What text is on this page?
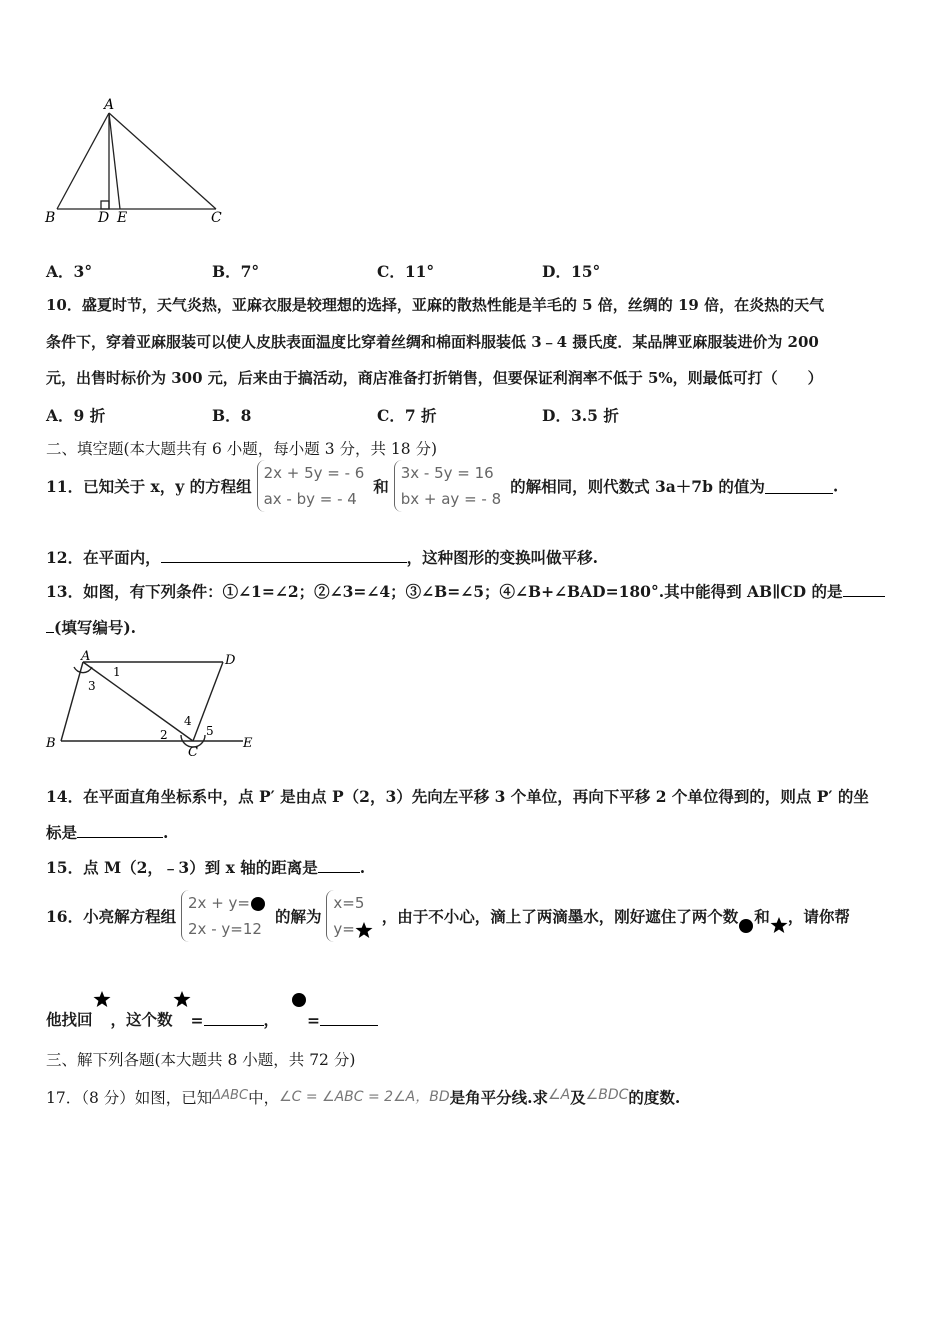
A
B	D E	C
A．3°	B．7°	C．11°	D．15°
10．盛夏时节，天气炎热，亚麻衣服是较理想的选择，亚麻的散热性能是羊毛的 5 倍，丝绸的 19 倍，在炎热的天气
条件下，穿着亚麻服装可以使人皮肤表面温度比穿着丝绸和棉面料服装低 3﹣4 摄氏度．某品牌亚麻服装进价为 200
元，出售时标价为 300 元，后来由于搞活动，商店准备打折销售，但要保证利润率不低于 5%，则最低可打（　　）
A．9 折	B．8	C．7 折	D．3.5 折
二、填空题(本大题共有 6 小题，每小题 3 分，共 18 分)
11．已知关于 x，y 的方程组
2x + 5y = - 6
ax - by = - 4
和
3x - 5y = 16
bx + ay = - 8
的解相同，则代数式 3a＋7b 的值为	.
12．在平面内，	，这种图形的变换叫做平移.
13．如图，有下列条件：①∠1=∠2；②∠3=∠4；③∠B=∠5；④∠B+∠BAD=180°.其中能得到 AB∥CD 的是
(填写编号).
A	D
B
C
E
1
2
3
4
5
14．在平面直角坐标系中，点 P′ 是由点 P（2，3）先向左平移 3 个单位，再向下平移 2 个单位得到的，则点 P′ 的坐
标是	.
15．点 M（2，﹣3）到 x 轴的距离是	.
16．小亮解方程组
2x + y=
2x - y=12
的解为
x=5
y=
，由于不小心，滴上了两滴墨水，刚好遮住了两个数 和 ，请你帮
他找回 ，这个数 =	， =
三、解下列各题(本大题共 8 小题，共 72 分)
17．（8 分）如图，已知$^{\Delta ABC}$中，∠C = ∠ABC = 2∠A，BD是角平分线.求∠A及∠BDC的度数.
